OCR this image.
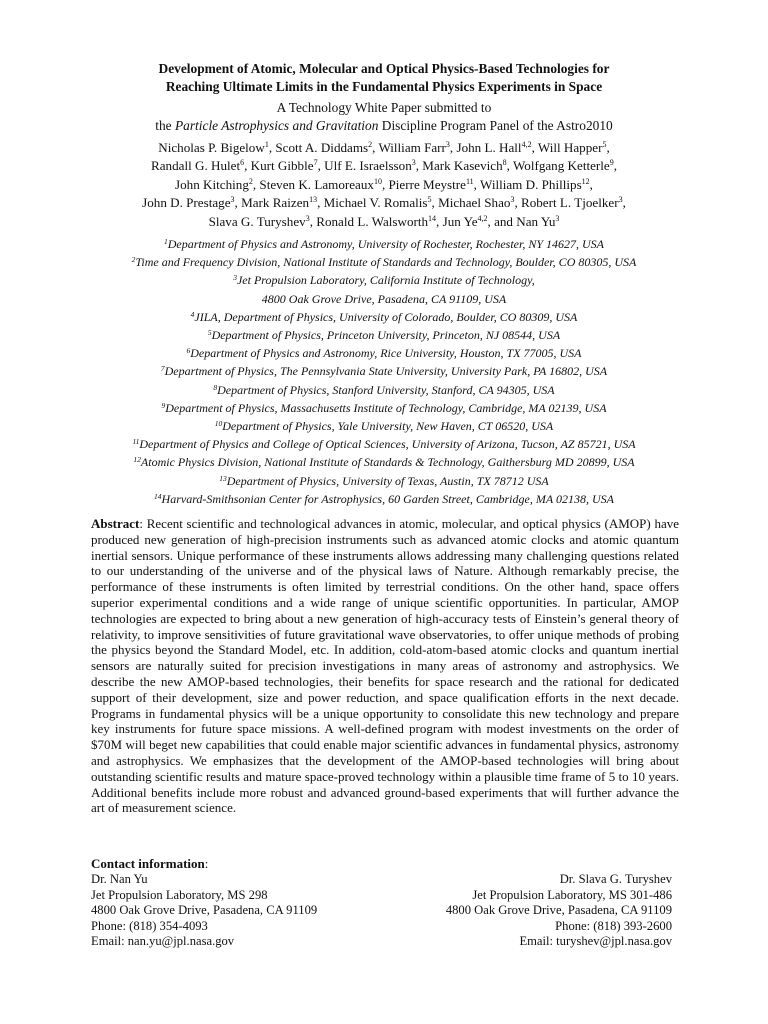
Development of Atomic, Molecular and Optical Physics-Based Technologies for
Reaching Ultimate Limits in the Fundamental Physics Experiments in Space
A Technology White Paper submitted to
the Particle Astrophysics and Gravitation Discipline Program Panel of the Astro2010
Nicholas P. Bigelow$^1$, Scott A. Diddams$^2$, William Farr$^3$, John L. Hall$^{4,2}$, Will Happer$^5$,
Randall G. Hulet$^6$, Kurt Gibble$^7$, Ulf E. Israelsson$^3$, Mark Kasevich$^8$, Wolfgang Ketterle$^9$,
John Kitching$^2$, Steven K. Lamoreaux$^{10}$, Pierre Meystre$^{11}$, William D. Phillips$^{12}$,
John D. Prestage$^3$, Mark Raizen$^{13}$, Michael V. Romalis$^5$, Michael Shao$^3$, Robert L. Tjoelker$^3$,
Slava G. Turyshev$^3$, Ronald L. Walsworth$^{14}$, Jun Ye$^{4,2}$, and Nan Yu$^3$
$^1$Department of Physics and Astronomy, University of Rochester, Rochester, NY 14627, USA
$^2$Time and Frequency Division, National Institute of Standards and Technology, Boulder, CO 80305, USA
$^3$Jet Propulsion Laboratory, California Institute of Technology,
4800 Oak Grove Drive, Pasadena, CA 91109, USA
$^4$JILA, Department of Physics, University of Colorado, Boulder, CO 80309, USA
$^5$Department of Physics, Princeton University, Princeton, NJ 08544, USA
$^6$Department of Physics and Astronomy, Rice University, Houston, TX 77005, USA
$^7$Department of Physics, The Pennsylvania State University, University Park, PA 16802, USA
$^8$Department of Physics, Stanford University, Stanford, CA 94305, USA
$^9$Department of Physics, Massachusetts Institute of Technology, Cambridge, MA 02139, USA
$^{10}$Department of Physics, Yale University, New Haven, CT 06520, USA
$^{11}$Department of Physics and College of Optical Sciences, University of Arizona, Tucson, AZ 85721, USA
$^{12}$Atomic Physics Division, National Institute of Standards & Technology, Gaithersburg MD 20899, USA
$^{13}$Department of Physics, University of Texas, Austin, TX 78712 USA
$^{14}$Harvard-Smithsonian Center for Astrophysics, 60 Garden Street, Cambridge, MA 02138, USA

Abstract: Recent scientific and technological advances in atomic, molecular, and optical physics (AMOP) have produced new generation of high-precision instruments such as advanced atomic clocks and atomic quantum inertial sensors. Unique performance of these instruments allows addressing many challenging questions related to our understanding of the universe and of the physical laws of Nature. Although remarkably precise, the performance of these instruments is often limited by terrestrial conditions. On the other hand, space offers superior experimental conditions and a wide range of unique scientific opportunities. In particular, AMOP technologies are expected to bring about a new generation of high-accuracy tests of Einstein’s general theory of relativity, to improve sensitivities of future gravitational wave observatories, to offer unique methods of probing the physics beyond the Standard Model, etc. In addition, cold-atom-based atomic clocks and quantum inertial sensors are naturally suited for precision investigations in many areas of astronomy and astrophysics. We describe the new AMOP-based technologies, their benefits for space research and the rational for dedicated support of their development, size and power reduction, and space qualification efforts in the next decade. Programs in fundamental physics will be a unique opportunity to consolidate this new technology and prepare key instruments for future space missions. A well-defined program with modest investments on the order of $70M will beget new capabilities that could enable major scientific advances in fundamental physics, astronomy and astrophysics. We emphasizes that the development of the AMOP-based technologies will bring about outstanding scientific results and mature space-proved technology within a plausible time frame of 5 to 10 years. Additional benefits include more robust and advanced ground-based experiments that will further advance the art of measurement science.

Contact information:
Dr. Nan Yu
Jet Propulsion Laboratory, MS 298
4800 Oak Grove Drive, Pasadena, CA 91109
Phone: (818) 354-4093
Email: nan.yu@jpl.nasa.gov
Dr. Slava G. Turyshev
Jet Propulsion Laboratory, MS 301-486
4800 Oak Grove Drive, Pasadena, CA 91109
Phone: (818) 393-2600
Email: turyshev@jpl.nasa.gov
